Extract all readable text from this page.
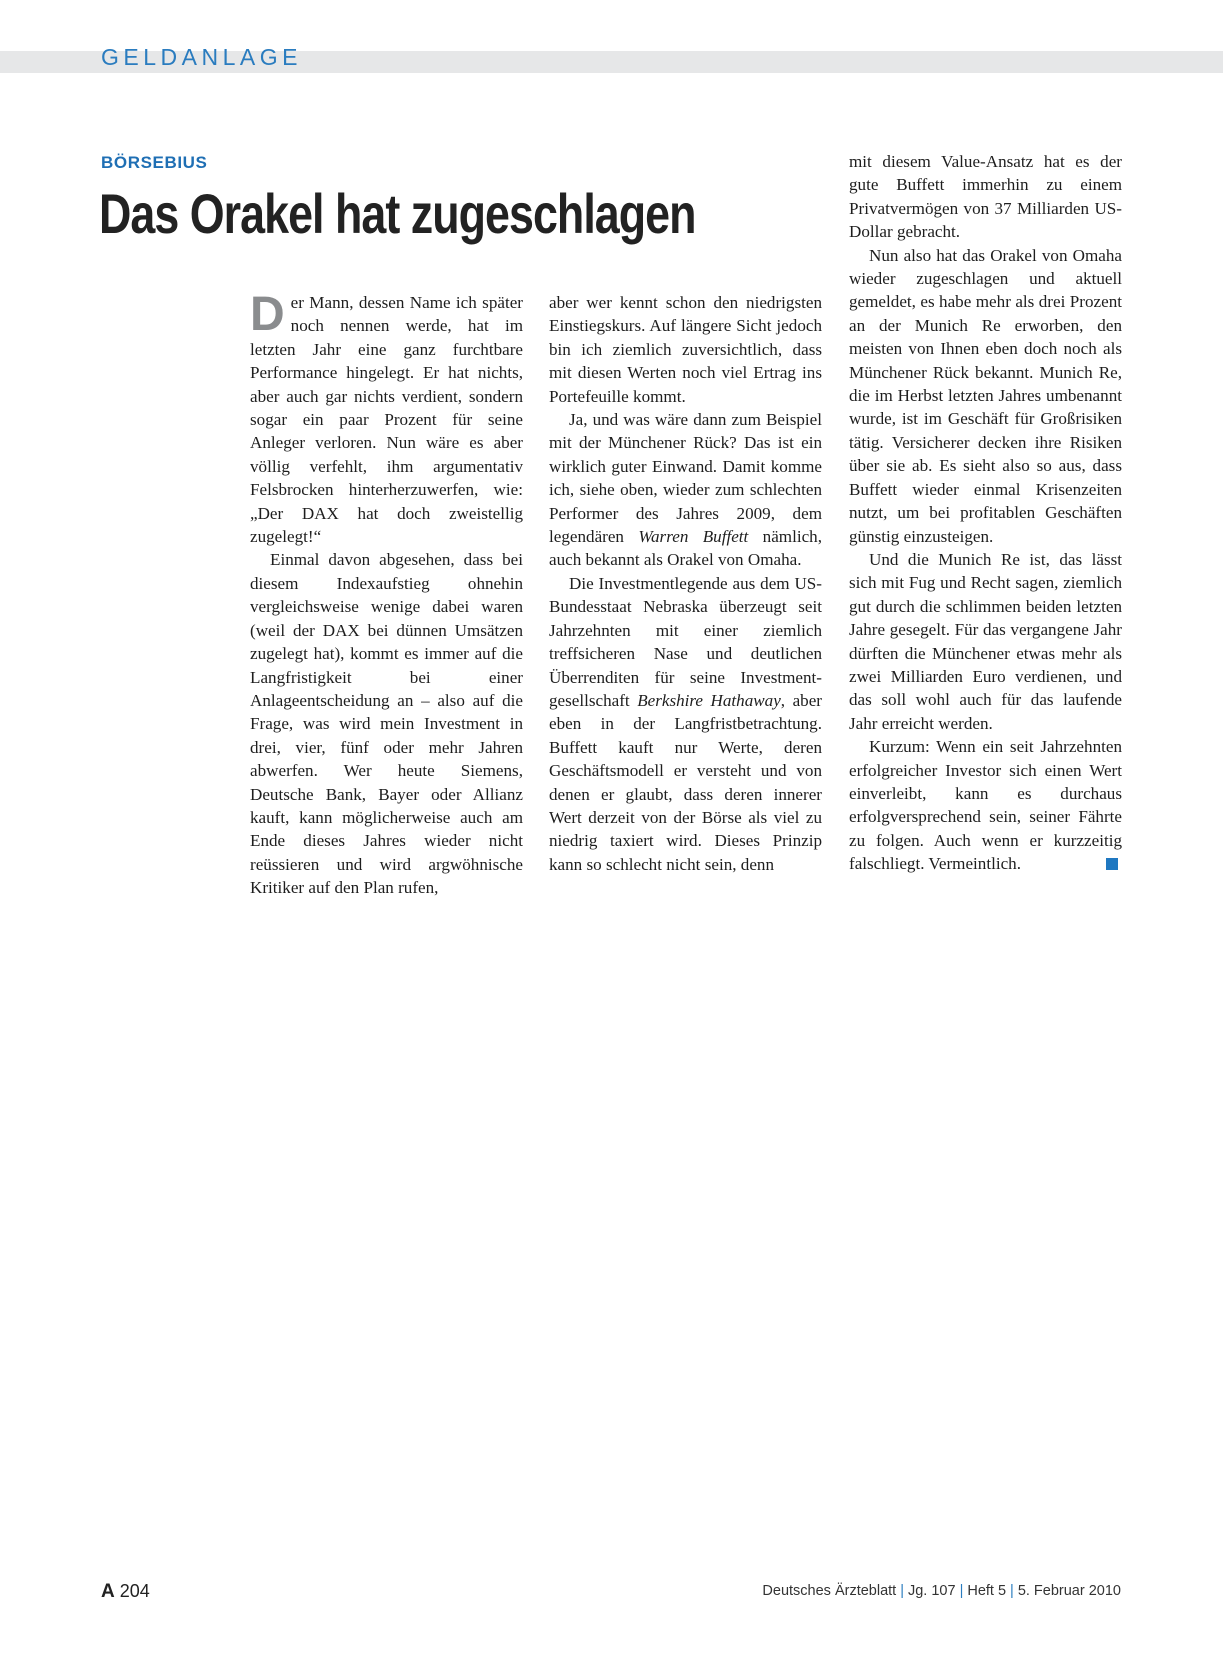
GELDANLAGE
BÖRSEBIUS
Das Orakel hat zugeschlagen

Der Mann, dessen Name ich später noch nennen werde, hat im letzten Jahr eine ganz furchtbare Performance hingelegt. Er hat nichts, aber auch gar nichts verdient, sondern sogar ein paar Prozent für seine Anleger verloren. Nun wäre es aber völlig verfehlt, ihm argumentativ Felsbrocken hinterherzuwerfen, wie: „Der DAX hat doch zweistellig zugelegt!“

Einmal davon abgesehen, dass bei diesem Indexaufstieg ohnehin vergleichsweise wenige dabei waren (weil der DAX bei dünnen Umsätzen zugelegt hat), kommt es immer auf die Langfristigkeit bei einer Anlageentscheidung an – also auf die Frage, was wird mein Investment in drei, vier, fünf oder mehr Jahren abwerfen. Wer heute Siemens, Deutsche Bank, Bayer oder Allianz kauft, kann möglicherweise auch am Ende dieses Jahres wieder nicht reüssieren und wird argwöhnische Kritiker auf den Plan rufen,

aber wer kennt schon den niedrigsten Einstiegskurs. Auf längere Sicht jedoch bin ich ziemlich zuversichtlich, dass mit diesen Werten noch viel Ertrag ins Portefeuille kommt.

Ja, und was wäre dann zum Beispiel mit der Münchener Rück? Das ist ein wirklich guter Einwand. Damit komme ich, siehe oben, wieder zum schlechten Performer des Jahres 2009, dem legendären Warren Buffett nämlich, auch bekannt als Orakel von Omaha.

Die Investmentlegende aus dem US-Bundesstaat Nebraska überzeugt seit Jahrzehnten mit einer ziemlich treffsicheren Nase und deutlichen Überrenditen für seine Investmentgesellschaft Berkshire Hathaway, aber eben in der Langfristbetrachtung. Buffett kauft nur Werte, deren Geschäftsmodell er versteht und von denen er glaubt, dass deren innerer Wert derzeit von der Börse als viel zu niedrig taxiert wird. Dieses Prinzip kann so schlecht nicht sein, denn

mit diesem Value-Ansatz hat es der gute Buffett immerhin zu einem Privatvermögen von 37 Milliarden US-Dollar gebracht.

Nun also hat das Orakel von Omaha wieder zugeschlagen und aktuell gemeldet, es habe mehr als drei Prozent an der Munich Re erworben, den meisten von Ihnen eben doch noch als Münchener Rück bekannt. Munich Re, die im Herbst letzten Jahres umbenannt wurde, ist im Geschäft für Großrisiken tätig. Versicherer decken ihre Risiken über sie ab. Es sieht also so aus, dass Buffett wieder einmal Krisenzeiten nutzt, um bei profitablen Geschäften günstig einzusteigen.

Und die Munich Re ist, das lässt sich mit Fug und Recht sagen, ziemlich gut durch die schlimmen beiden letzten Jahre gesegelt. Für das vergangene Jahr dürften die Münchener etwas mehr als zwei Milliarden Euro verdienen, und das soll wohl auch für das laufende Jahr erreicht werden.

Kurzum: Wenn ein seit Jahrzehnten erfolgreicher Investor sich einen Wert einverleibt, kann es durchaus erfolgversprechend sein, seiner Fährte zu folgen. Auch wenn er kurzzeitig falschliegt. Vermeintlich.

A 204	Deutsches Ärzteblatt | Jg. 107 | Heft 5 | 5. Februar 2010
